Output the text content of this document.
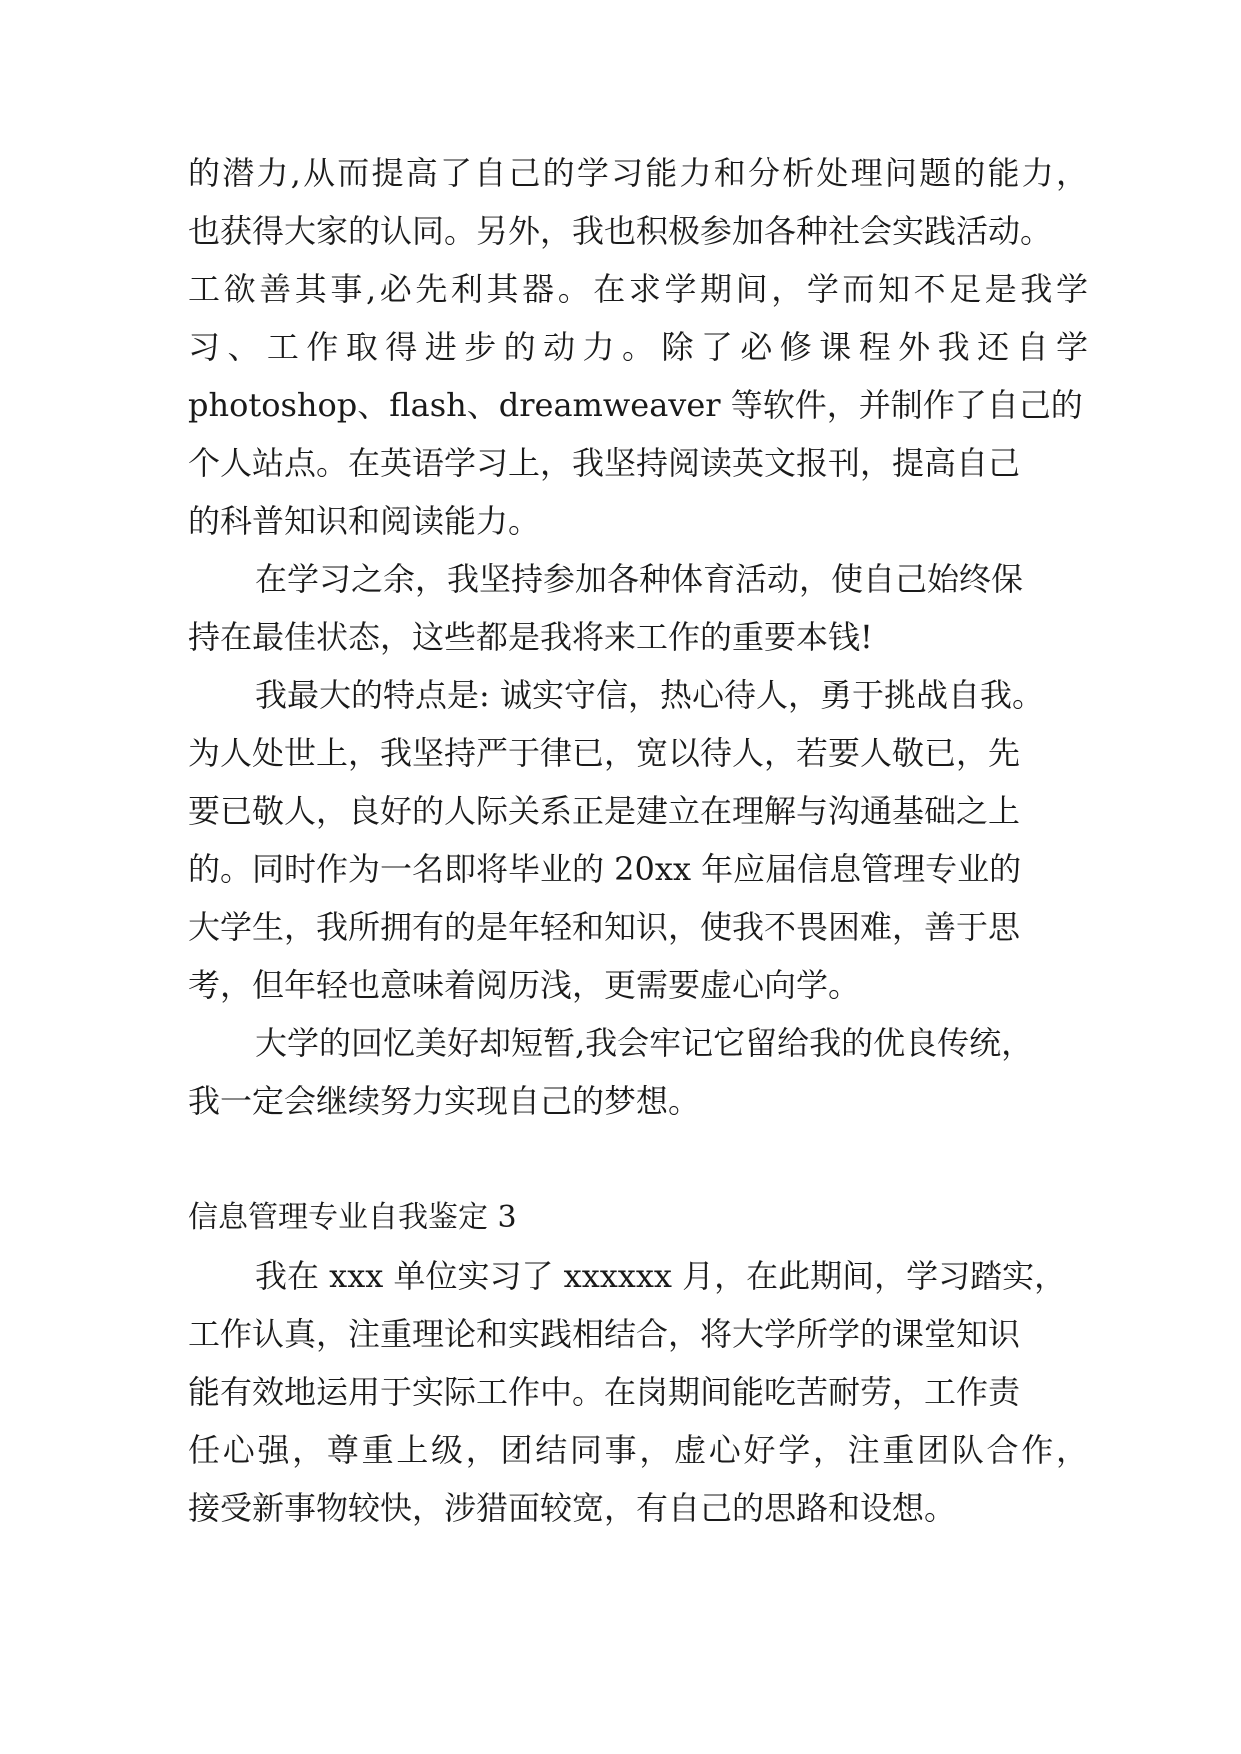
的潜力,从而提高了自己的学习能力和分析处理问题的能力，
也获得大家的认同。另外，我也积极参加各种社会实践活动。
工欲善其事,必先利其器。在求学期间，学而知不足是我学
习、工作取得进步的动力。除了必修课程外我还自学
photoshop、flash、dreamweaver 等软件，并制作了自己的
个人站点。在英语学习上，我坚持阅读英文报刊，提高自己
的科普知识和阅读能力。
在学习之余，我坚持参加各种体育活动，使自己始终保
持在最佳状态，这些都是我将来工作的重要本钱!
我最大的特点是: 诚实守信，热心待人，勇于挑战自我。
为人处世上，我坚持严于律已，宽以待人，若要人敬已，先
要已敬人，良好的人际关系正是建立在理解与沟通基础之上
的。同时作为一名即将毕业的 20xx 年应届信息管理专业的
大学生，我所拥有的是年轻和知识，使我不畏困难，善于思
考，但年轻也意味着阅历浅，更需要虚心向学。
大学的回忆美好却短暂,我会牢记它留给我的优良传统，
我一定会继续努力实现自己的梦想。
信息管理专业自我鉴定 3
我在 xxx 单位实习了 xxxxxx 月，在此期间，学习踏实，
工作认真，注重理论和实践相结合，将大学所学的课堂知识
能有效地运用于实际工作中。在岗期间能吃苦耐劳，工作责
任心强，尊重上级，团结同事，虚心好学，注重团队合作，
接受新事物较快，涉猎面较宽，有自己的思路和设想。
